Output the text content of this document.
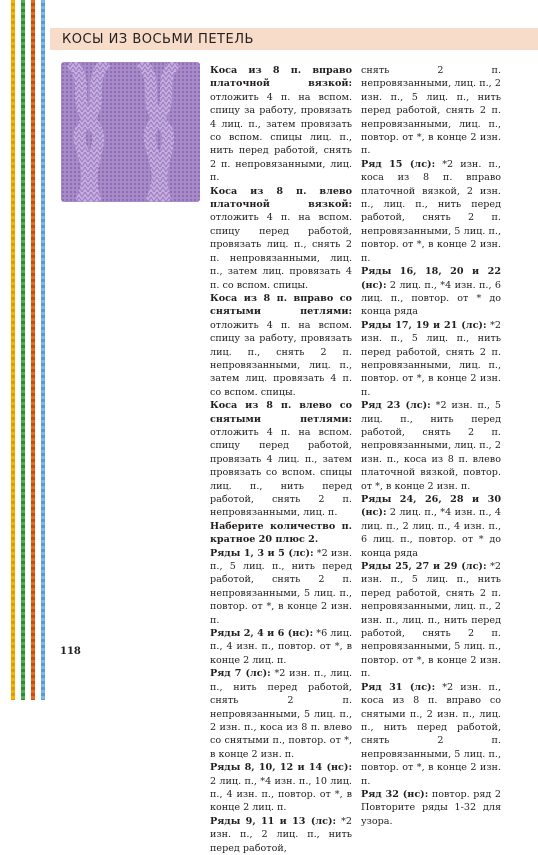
КОСЫ ИЗ ВОСЬМИ ПЕТЕЛЬ

Коса из 8 п. вправо платочной вязкой: отложить 4 п. на вспом. спицу за работу, провязать 4 лиц. п., затем провязать со вспом. спицы лиц. п., нить перед работой, снять 2 п. непровязанными, лиц. п.

Коса из 8 п. влево платочной вязкой: отложить 4 п. на вспом. спицу перед работой, провязать лиц. п., снять 2 п. непровязанными, лиц. п., затем лиц. провязать 4 п. со вспом. спицы.

Коса из 8 п. вправо со снятыми петлями: отложить 4 п. на вспом. спицу за работу, провязать лиц. п., снять 2 п. непровязанными, лиц. п., затем лиц. провязать 4 п. со вспом. спицы.

Коса из 8 п. влево со снятыми петлями: отложить 4 п. на вспом. спицу перед работой, провязать 4 лиц. п., затем провязать со вспом. спицы лиц. п., нить перед работой, снять 2 п. непровязанными, лиц. п.

Наберите количество п. кратное 20 плюс 2.

Ряды 1, 3 и 5 (лс): *2 изн. п., 5 лиц. п., нить перед работой, снять 2 п. непровязанными, 5 лиц. п., повтор. от *, в конце 2 изн. п.

Ряды 2, 4 и 6 (нс): *6 лиц. п., 4 изн. п., повтор. от *, в конце 2 лиц. п.

Ряд 7 (лс): *2 изн. п., лиц. п., нить перед работой, снять 2 п. непровязанными, 5 лиц. п., 2 изн. п., коса из 8 п. влево со снятыми п., повтор. от *, в конце 2 изн. п.

Ряды 8, 10, 12 и 14 (нс): 2 лиц. п., *4 изн. п., 10 лиц. п., 4 изн. п., повтор. от *, в конце 2 лиц. п.

Ряды 9, 11 и 13 (лс): *2 изн. п., 2 лиц. п., нить перед работой,

снять 2 п. непровязанными, лиц. п., 2 изн. п., 5 лиц. п., нить перед работой, снять 2 п. непровязанными, лиц. п., повтор. от *, в конце 2 изн. п.

Ряд 15 (лс): *2 изн. п., коса из 8 п. вправо платочной вязкой, 2 изн. п., лиц. п., нить перед работой, снять 2 п. непровязанными, 5 лиц. п., повтор. от *, в конце 2 изн. п.

Ряды 16, 18, 20 и 22 (нс): 2 лиц. п., *4 изн. п., 6 лиц. п., повтор. от * до конца ряда

Ряды 17, 19 и 21 (лс): *2 изн. п., 5 лиц. п., нить перед работой, снять 2 п. непровязанными, лиц. п., повтор. от *, в конце 2 изн. п.

Ряд 23 (лс): *2 изн. п., 5 лиц. п., нить перед работой, снять 2 п. непровязанными, лиц. п., 2 изн. п., коса из 8 п. влево платочной вязкой, повтор. от *, в конце 2 изн. п.

Ряды 24, 26, 28 и 30 (нс): 2 лиц. п., *4 изн. п., 4 лиц. п., 2 лиц. п., 4 изн. п., 6 лиц. п., повтор. от * до конца ряда

Ряды 25, 27 и 29 (лс): *2 изн. п., 5 лиц. п., нить перед работой, снять 2 п. непровязанными, лиц. п., 2 изн. п., лиц. п., нить перед работой, снять 2 п. непровязанными, 5 лиц. п., повтор. от *, в конце 2 изн. п.

Ряд 31 (лс): *2 изн. п., коса из 8 п. вправо со снятыми п., 2 изн. п., лиц. п., нить перед работой, снять 2 п. непровязанными, 5 лиц. п., повтор. от *, в конце 2 изн. п.

Ряд 32 (нс): повтор. ряд 2 Повторите ряды 1-32 для узора.

118
